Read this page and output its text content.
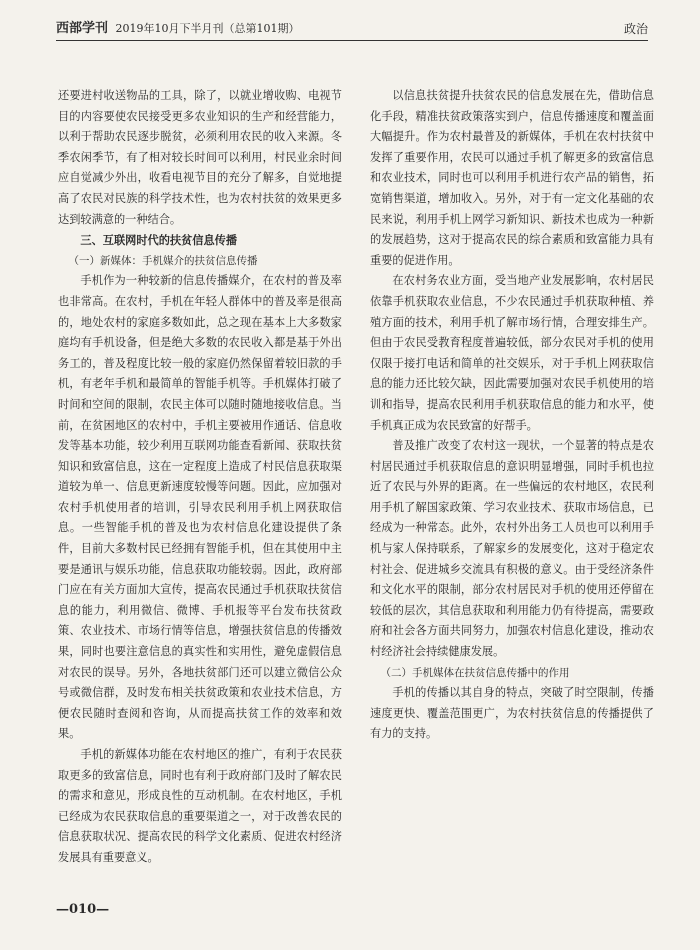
西部学刊 2019年10月下半月刊（总第101期）	政治

还要进村收送物品的工具，除了，以就业增收购、电视节目的内容要使农民接受更多农业知识的生产和经营能力，以利于帮助农民逐步脱贫，必须利用农民的收入来源。冬季农闲季节，有了相对较长时间可以利用，村民业余时间应自觉减少外出，收看电视节目的充分了解多，自觉地提高了农民对民族的科学技术性，也为农村扶贫的效果更多达到较满意的一种结合。

三、互联网时代的扶贫信息传播

（一）新媒体：手机媒介的扶贫信息传播

手机作为一种较新的信息传播媒介，在农村的普及率也非常高。在农村，手机在年轻人群体中的普及率是很高的，地处农村的家庭多数如此，总之现在基本上大多数家庭均有手机设备，但是绝大多数的农民收入都是基于外出务工的，普及程度比较一般的家庭仍然保留着较旧款的手机，有老年手机和最简单的智能手机等。手机媒体打破了时间和空间的限制，农民主体可以随时随地接收信息。当前，在贫困地区的农村中，手机主要被用作通话、信息收发等基本功能，较少利用互联网功能查看新闻、获取扶贫知识和致富信息，这在一定程度上造成了村民信息获取渠道较为单一、信息更新速度较慢等问题。因此，应加强对农村手机使用者的培训，引导农民利用手机上网获取信息。一些智能手机的普及也为农村信息化建设提供了条件，目前大多数村民已经拥有智能手机，但在其使用中主要是通讯与娱乐功能，信息获取功能较弱。因此，政府部门应在有关方面加大宣传，提高农民通过手机获取扶贫信息的能力，利用微信、微博、手机报等平台发布扶贫政策、农业技术、市场行情等信息，增强扶贫信息的传播效果，同时也要注意信息的真实性和实用性，避免虚假信息对农民的误导。另外，各地扶贫部门还可以建立微信公众号或微信群，及时发布相关扶贫政策和农业技术信息，方便农民随时查阅和咨询，从而提高扶贫工作的效率和效果。

手机的新媒体功能在农村地区的推广，有利于农民获取更多的致富信息，同时也有利于政府部门及时了解农民的需求和意见，形成良性的互动机制。在农村地区，手机已经成为农民获取信息的重要渠道之一，对于改善农民的信息获取状况、提高农民的科学文化素质、促进农村经济发展具有重要意义。

以信息扶贫提升扶贫农民的信息发展在先，借助信息化手段，精准扶贫政策落实到户，信息传播速度和覆盖面大幅提升。作为农村最普及的新媒体，手机在农村扶贫中发挥了重要作用，农民可以通过手机了解更多的致富信息和农业技术，同时也可以利用手机进行农产品的销售，拓宽销售渠道，增加收入。另外，对于有一定文化基础的农民来说，利用手机上网学习新知识、新技术也成为一种新的发展趋势，这对于提高农民的综合素质和致富能力具有重要的促进作用。

在农村务农业方面，受当地产业发展影响，农村居民依靠手机获取农业信息，不少农民通过手机获取种植、养殖方面的技术，利用手机了解市场行情，合理安排生产。但由于农民受教育程度普遍较低，部分农民对手机的使用仅限于接打电话和简单的社交娱乐，对于手机上网获取信息的能力还比较欠缺，因此需要加强对农民手机使用的培训和指导，提高农民利用手机获取信息的能力和水平，使手机真正成为农民致富的好帮手。

普及推广改变了农村这一现状，一个显著的特点是农村居民通过手机获取信息的意识明显增强，同时手机也拉近了农民与外界的距离。在一些偏远的农村地区，农民利用手机了解国家政策、学习农业技术、获取市场信息，已经成为一种常态。此外，农村外出务工人员也可以利用手机与家人保持联系，了解家乡的发展变化，这对于稳定农村社会、促进城乡交流具有积极的意义。由于受经济条件和文化水平的限制，部分农村居民对手机的使用还停留在较低的层次，其信息获取和利用能力仍有待提高，需要政府和社会各方面共同努力，加强农村信息化建设，推动农村经济社会持续健康发展。

（二）手机媒体在扶贫信息传播中的作用

手机的传播以其自身的特点，突破了时空限制，传播速度更快、覆盖范围更广，为农村扶贫信息的传播提供了有力的支持。

—010—
